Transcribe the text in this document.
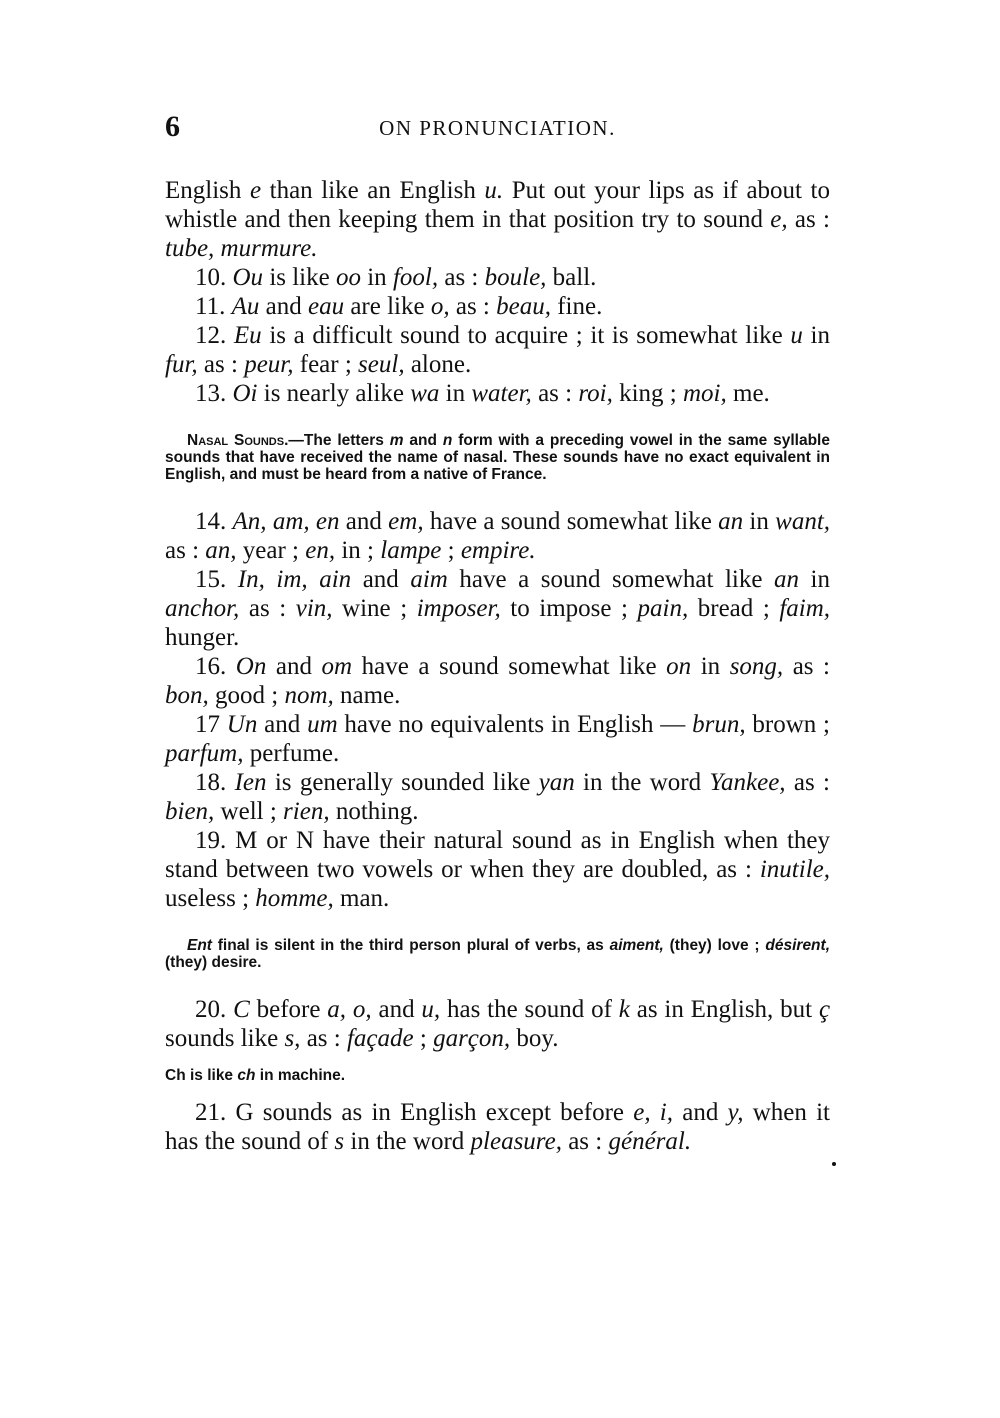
6	ON PRONUNCIATION.

English e than like an English u. Put out your lips as if about to whistle and then keeping them in that position try to sound e, as : tube, murmure.

10. Ou is like oo in fool, as : boule, ball.

11. Au and eau are like o, as : beau, fine.

12. Eu is a difficult sound to acquire ; it is somewhat like u in fur, as : peur, fear ; seul, alone.

13. Oi is nearly alike wa in water, as : roi, king ; moi, me.

Nasal Sounds.—The letters m and n form with a preceding vowel in the same syllable sounds that have received the name of nasal. These sounds have no exact equivalent in English, and must be heard from a native of France.

14. An, am, en and em, have a sound somewhat like an in want, as : an, year ; en, in ; lampe ; empire.

15. In, im, ain and aim have a sound somewhat like an in anchor, as : vin, wine ; imposer, to impose ; pain, bread ; faim, hunger.

16. On and om have a sound somewhat like on in song, as : bon, good ; nom, name.

17 Un and um have no equivalents in English — brun, brown ; parfum, perfume.

18. Ien is generally sounded like yan in the word Yankee, as : bien, well ; rien, nothing.

19. M or N have their natural sound as in English when they stand between two vowels or when they are doubled, as : inutile, useless ; homme, man.

Ent final is silent in the third person plural of verbs, as aiment, (they) love ; désirent, (they) desire.

20. C before a, o, and u, has the sound of k as in English, but ç sounds like s, as : façade ; garçon, boy.

Ch is like ch in machine.

21. G sounds as in English except before e, i, and y, when it has the sound of s in the word pleasure, as : général.
